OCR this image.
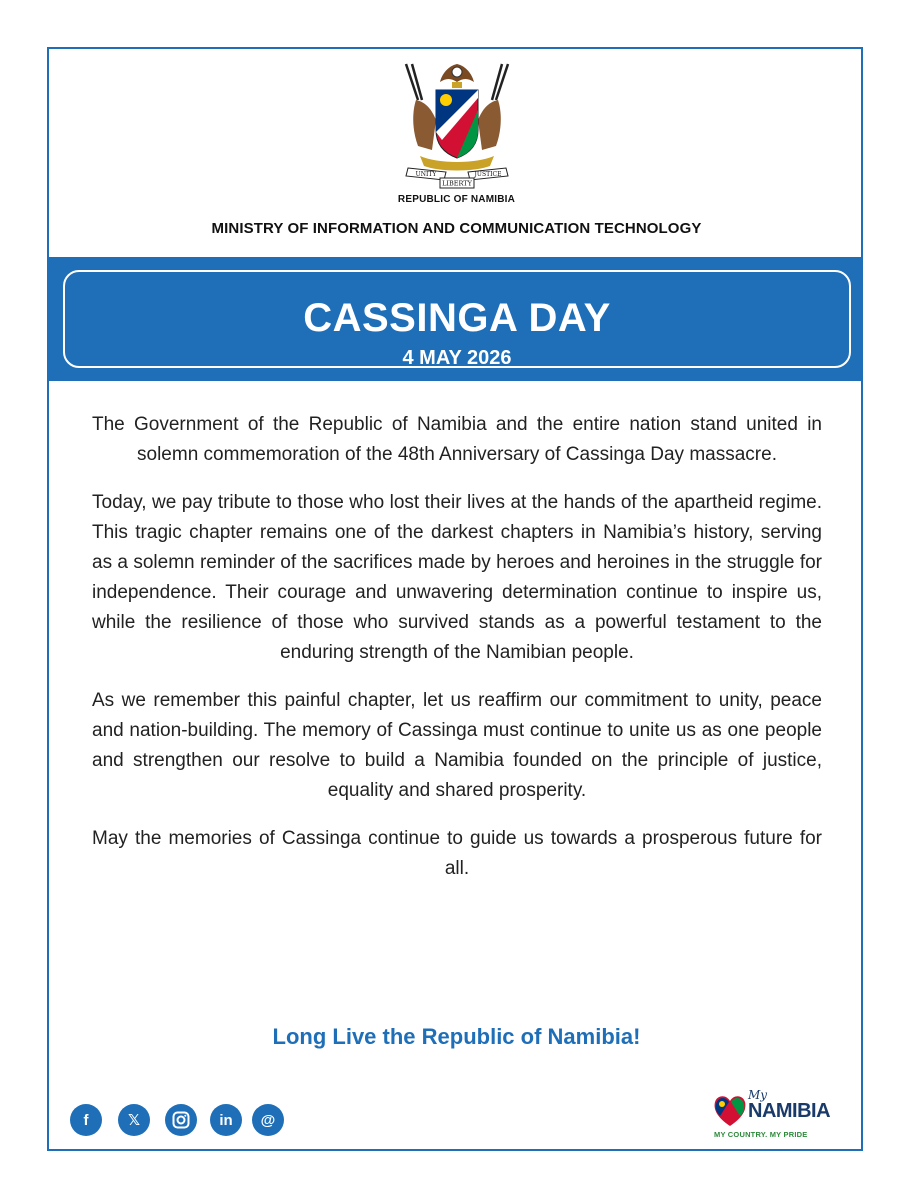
UNITY	JUSTICE
LIBERTY
REPUBLIC OF NAMIBIA
MINISTRY OF INFORMATION AND COMMUNICATION TECHNOLOGY
CASSINGA DAY
4 MAY 2026

The Government of the Republic of Namibia and the entire nation stand united in solemn commemoration of the 48th Anniversary of Cassinga Day massacre.

Today, we pay tribute to those who lost their lives at the hands of the apartheid regime. This tragic chapter remains one of the darkest chapters in Namibia’s history, serving as a solemn reminder of the sacrifices made by heroes and heroines in the struggle for independence. Their courage and unwavering determination continue to inspire us, while the resilience of those who survived stands as a powerful testament to the enduring strength of the Namibian people.

As we remember this painful chapter, let us reaffirm our commitment to unity, peace and nation-building. The memory of Cassinga must continue to unite us as one people and strengthen our resolve to build a Namibia founded on the principle of justice, equality and shared prosperity.

May the memories of Cassinga continue to guide us towards a prosperous future for all.

Long Live the Republic of Namibia!
f	𝕏	in	@
My
NAMIBIA
MY COUNTRY. MY PRIDE
